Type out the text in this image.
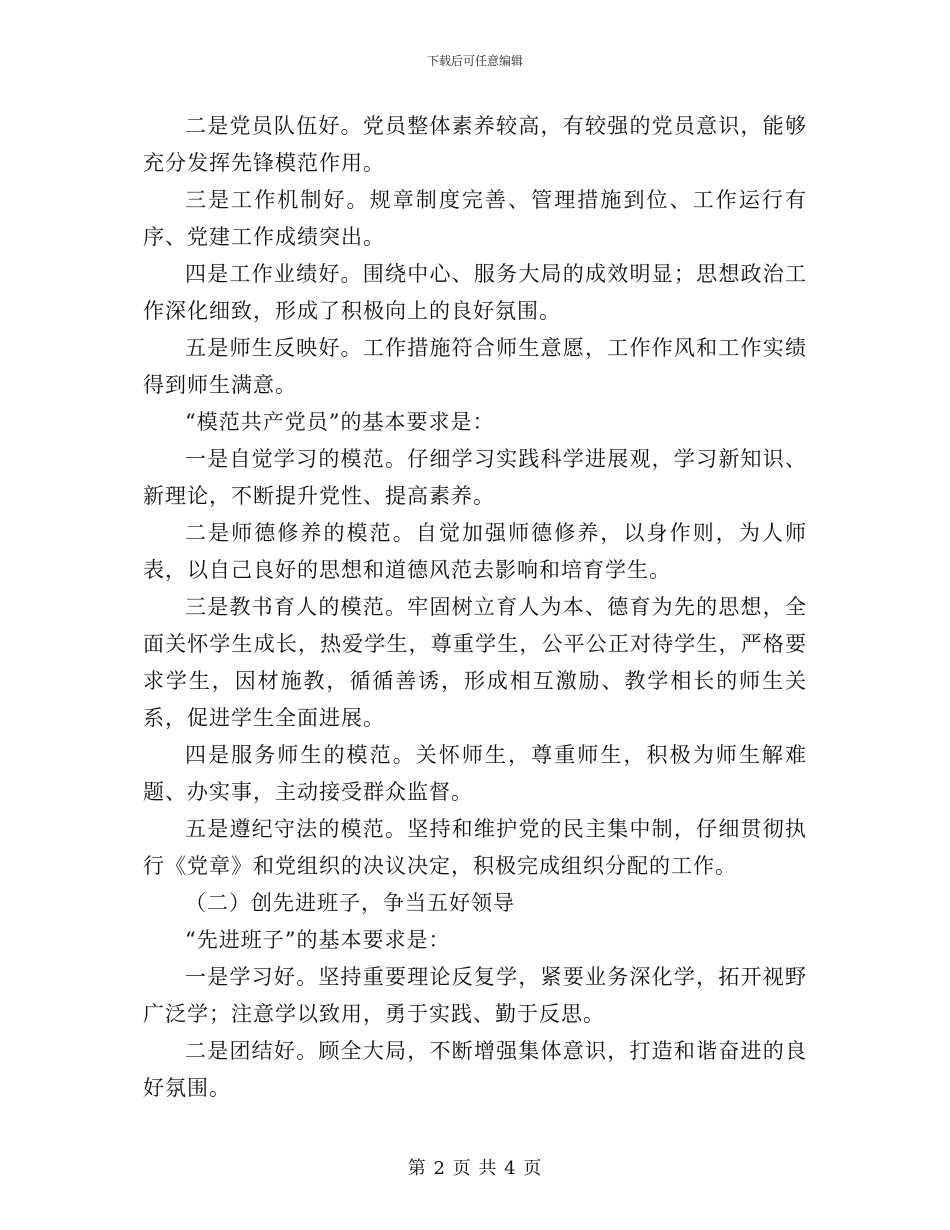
下载后可任意编辑

二是党员队伍好。党员整体素养较高，有较强的党员意识，能够充分发挥先锋模范作用。

三是工作机制好。规章制度完善、管理措施到位、工作运行有序、党建工作成绩突出。

四是工作业绩好。围绕中心、服务大局的成效明显；思想政治工作深化细致，形成了积极向上的良好氛围。

五是师生反映好。工作措施符合师生意愿，工作作风和工作实绩得到师生满意。

“模范共产党员”的基本要求是：

一是自觉学习的模范。仔细学习实践科学进展观，学习新知识、新理论，不断提升党性、提高素养。

二是师德修养的模范。自觉加强师德修养，以身作则，为人师表，以自己良好的思想和道德风范去影响和培育学生。

三是教书育人的模范。牢固树立育人为本、德育为先的思想，全面关怀学生成长，热爱学生，尊重学生，公平公正对待学生，严格要求学生，因材施教，循循善诱，形成相互激励、教学相长的师生关系，促进学生全面进展。

四是服务师生的模范。关怀师生，尊重师生，积极为师生解难题、办实事，主动接受群众监督。

五是遵纪守法的模范。坚持和维护党的民主集中制，仔细贯彻执行《党章》和党组织的决议决定，积极完成组织分配的工作。

（二）创先进班子，争当五好领导

“先进班子”的基本要求是：

一是学习好。坚持重要理论反复学，紧要业务深化学，拓开视野广泛学；注意学以致用，勇于实践、勤于反思。

二是团结好。顾全大局，不断增强集体意识，打造和谐奋进的良好氛围。

第 2 页 共 4 页
